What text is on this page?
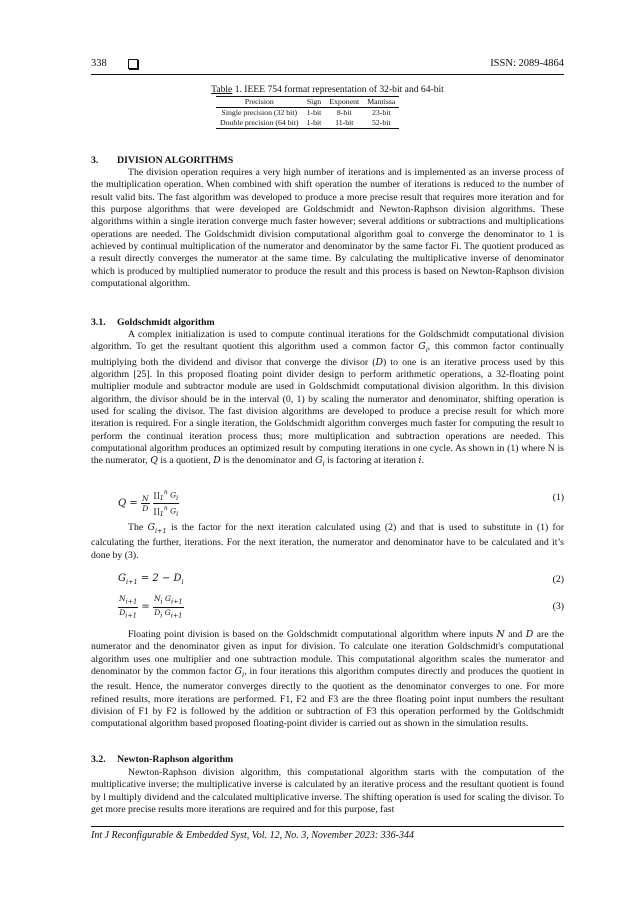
338	ISSN: 2089-4864
Table 1. IEEE 754 format representation of 32-bit and 64-bit
Precision	Sign	Exponent	Mantissa
Single precision (32 bit)	1-bit	8-bit	23-bit
Double precision (64 bit)	1-bit	11-bit	52-bit
3. DIVISION ALGORITHMS

The division operation requires a very high number of iterations and is implemented as an inverse process of the multiplication operation. When combined with shift operation the number of iterations is reduced to the number of result valid bits. The fast algorithm was developed to produce a more precise result that requires more iteration and for this purpose algorithms that were developed are Goldschmidt and Newton-Raphson division algorithms. These algorithms within a single iteration converge much faster however; several additions or subtractions and multiplications operations are needed. The Goldschmidt division computational algorithm goal to converge the denominator to 1 is achieved by continual multiplication of the numerator and denominator by the same factor Fi. The quotient produced as a result directly converges the numerator at the same time. By calculating the multiplicative inverse of denominator which is produced by multiplied numerator to produce the result and this process is based on Newton-Raphson division computational algorithm.

3.1. Goldschmidt algorithm

A complex initialization is used to compute continual iterations for the Goldschmidt computational division algorithm. To get the resultant quotient this algorithm used a common factor $G_i$, this common factor continually multiplying both the dividend and divisor that converge the divisor (D) to one is an iterative process used by this algorithm [25]. In this proposed floating point divider design to perform arithmetic operations, a 32-floating point multiplier module and subtractor module are used in Goldschmidt computational division algorithm. In this division algorithm, the divisor should be in the interval (0, 1) by scaling the numerator and denominator, shifting operation is used for scaling the divisor. The fast division algorithms are developed to produce a precise result for which more iteration is required. For a single iteration, the Goldschmidt algorithm converges much faster for computing the result to perform the continual iteration process thus; more multiplication and subtraction operations are needed. This computational algorithm produces an optimized result by computing iterations in one cycle. As shown in (1) where N is the numerator, Q is a quotient, D is the denominator and $G_i$ is factoring at iteration i.

$Q = \frac{N}{D}$
$\frac{\prod_1^n G_i}{\prod_1^n G_i}$	(1)

The $G_{i+1}$ is the factor for the next iteration calculated using (2) and that is used to substitute in (1) for calculating the further, iterations. For the next iteration, the numerator and denominator have to be calculated and it’s done by (3).

$G_{i+1} = 2 - D_i$	(2)
$\frac{N_{i+1}}{D_{i+1}} = \frac{N_i G_{i+1}}{D_i G_{i+1}}$	(3)

Floating point division is based on the Goldschmidt computational algorithm where inputs N and D are the numerator and the denominator given as input for division. To calculate one iteration Goldschmidt's computational algorithm uses one multiplier and one subtraction module. This computational algorithm scales the numerator and denominator by the common factor $G_i$, in four iterations this algorithm computes directly and produces the quotient in the result. Hence, the numerator converges directly to the quotient as the denominator converges to one. For more refined results, more iterations are performed. F1, F2 and F3 are the three floating point input numbers the resultant division of F1 by F2 is followed by the addition or subtraction of F3 this operation performed by the Goldschmidt computational algorithm based proposed floating-point divider is carried out as shown in the simulation results.

3.2. Newton-Raphson algorithm

Newton-Raphson division algorithm, this computational algorithm starts with the computation of the multiplicative inverse; the multiplicative inverse is calculated by an iterative process and the resultant quotient is found by l multiply dividend and the calculated multiplicative inverse. The shifting operation is used for scaling the divisor. To get more precise results more iterations are required and for this purpose, fast

Int J Reconfigurable & Embedded Syst, Vol. 12, No. 3, November 2023: 336-344
